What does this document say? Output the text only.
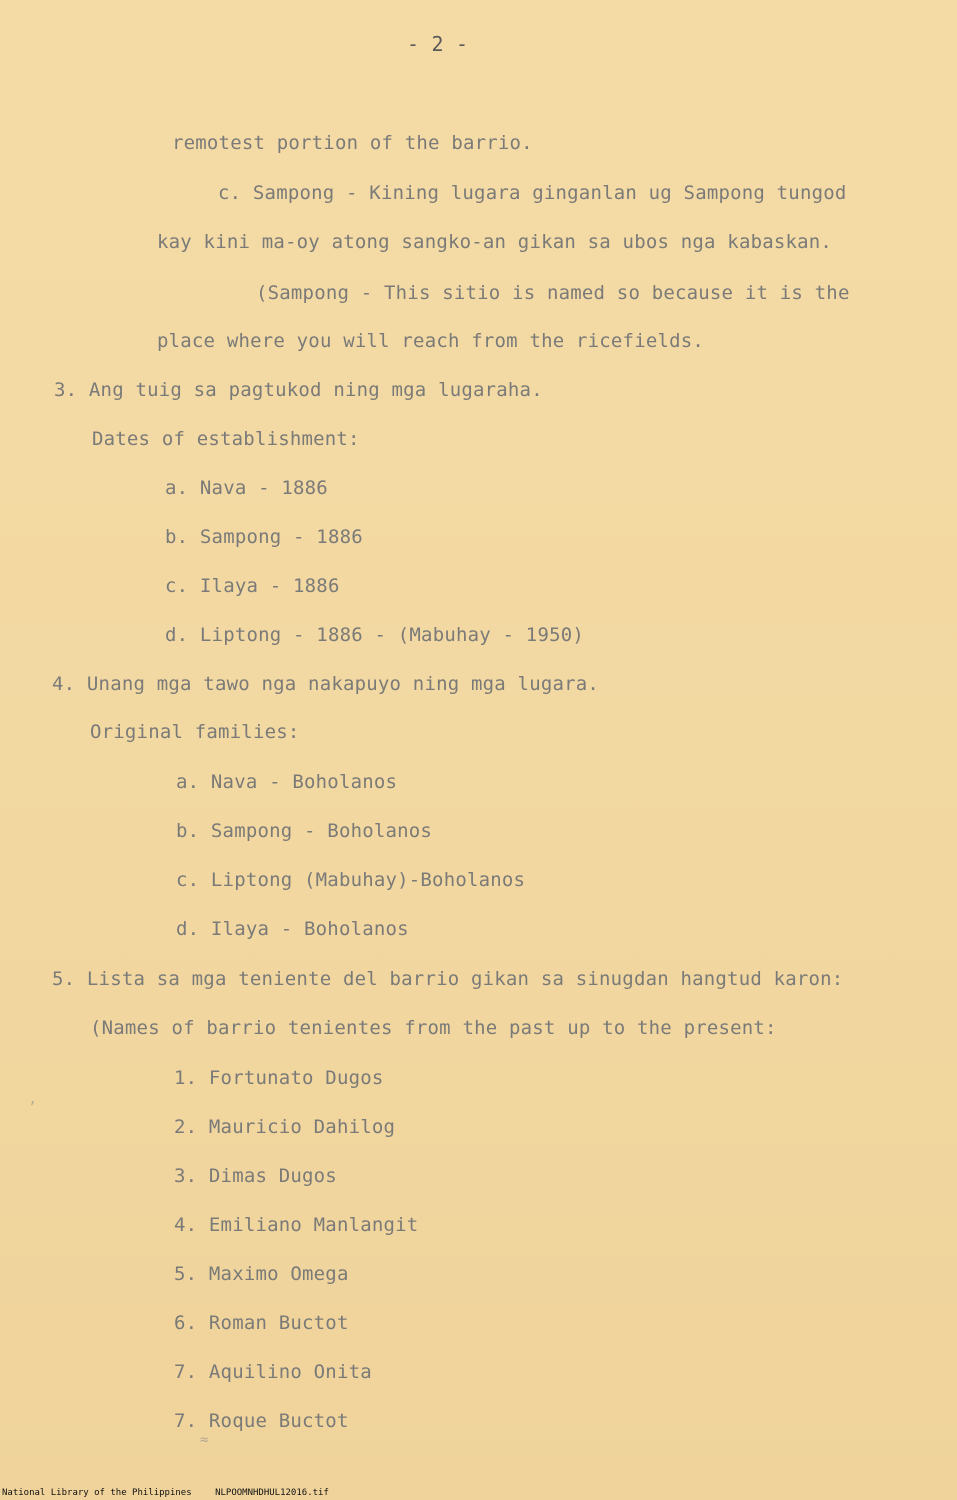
- 2 -
remotest portion of the barrio.
c. Sampong - Kining lugara ginganlan ug Sampong tungod
kay kini ma-oy atong sangko-an gikan sa ubos nga kabaskan.
(Sampong - This sitio is named so because it is the
place where you will reach from the ricefields.
3. Ang tuig sa pagtukod ning mga lugaraha.
Dates of establishment:
a. Nava - 1886
b. Sampong - 1886
c. Ilaya - 1886
d. Liptong - 1886 - (Mabuhay - 1950)
4. Unang mga tawo nga nakapuyo ning mga lugara.
Original families:
a. Nava - Boholanos
b. Sampong - Boholanos
c. Liptong (Mabuhay)-Boholanos
d. Ilaya - Boholanos
5. Lista sa mga teniente del barrio gikan sa sinugdan hangtud karon:
(Names of barrio tenientes from the past up to the present:
1. Fortunato Dugos
2. Mauricio Dahilog
3. Dimas Dugos
4. Emiliano Manlangit
5. Maximo Omega
6. Roman Buctot
7. Aquilino Onita
7. Roque Buctot
≈
’
National Library of the Philippines	NLPOOMNHDHUL12016.tif
